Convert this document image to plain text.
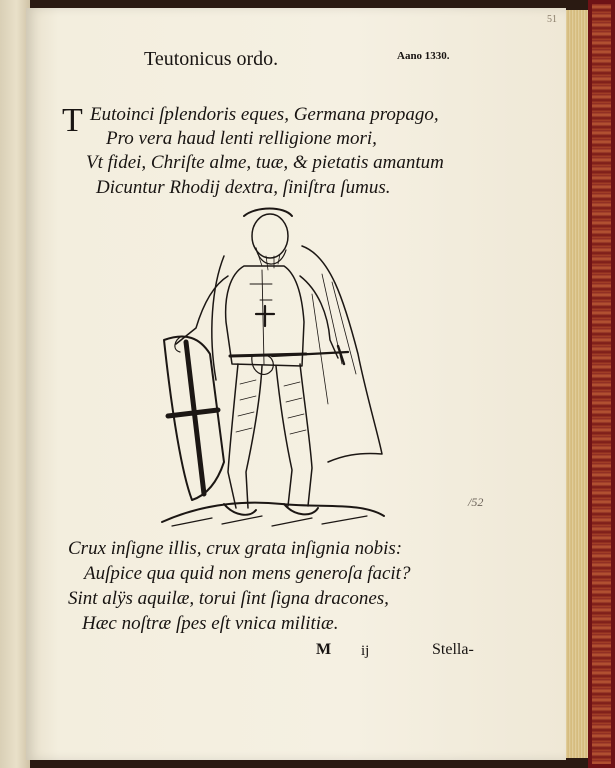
51
Teutonicus ordo.	Aano 1330.
T Eutoinci ſplendoris eques, Germana propago,
Pro vera haud lenti relligione mori,
Vt fidei, Chriſte alme, tuæ, & pietatis amantum
Dicuntur Rhodij dextra, ſiniſtra ſumus.
/52
Crux inſigne illis, crux grata inſignia nobis:
Auſpice qua quid non mens generoſa facit?
Sint alÿs aquilæ, torui ſint ſigna dracones,
Hæc noſtræ ſpes eſt vnica militiæ.
M ij	Stella-
